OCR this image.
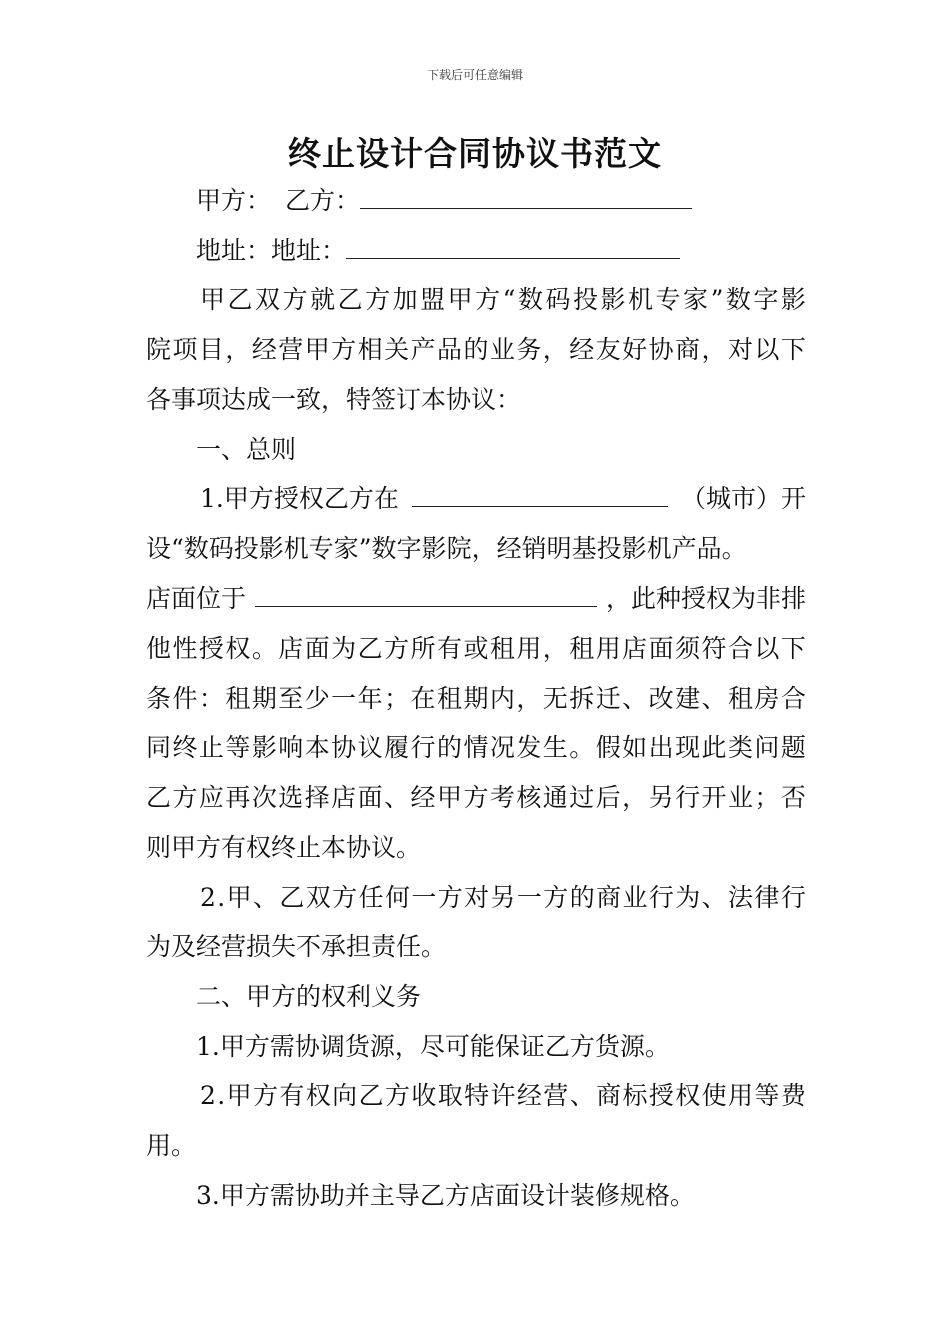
下载后可任意编辑
终止设计合同协议书范文
甲方： 乙方：
地址：地址：
甲 乙 双 方 就 乙 方 加 盟 甲 方 “ 数 码 投 影 机 专 家 ” 数 字 影
院 项 目 ， 经 营 甲 方 相 关 产 品 的 业 务 ， 经 友 好 协 商 ， 对 以 下
各事项达成一致，特签订本协议：
一、总则
1.甲方授权乙方在	（城市）开
设“数码投影机专家”数字影院，经销明基投影机产品。
店面位于	，此种授权为非排
他 性 授 权 。 店 面 为 乙 方 所 有 或 租 用 ， 租 用 店 面 须 符 合 以 下
条 件 ： 租 期 至 少 一 年 ； 在 租 期 内 ， 无 拆 迁 、 改 建 、 租 房 合
同 终 止 等 影 响 本 协 议 履 行 的 情 况 发 生 。 假 如 出 现 此 类 问 题
乙 方 应 再 次 选 择 店 面 、 经 甲 方 考 核 通 过 后 ， 另 行 开 业 ； 否
则甲方有权终止本协议。
2 . 甲 、 乙 双 方 任 何 一 方 对 另 一 方 的 商 业 行 为 、 法 律 行
为及经营损失不承担责任。
二、甲方的权利义务
1.甲方需协调货源，尽可能保证乙方货源。
2 . 甲 方 有 权 向 乙 方 收 取 特 许 经 营 、 商 标 授 权 使 用 等 费
用。
3.甲方需协助并主导乙方店面设计装修规格。
